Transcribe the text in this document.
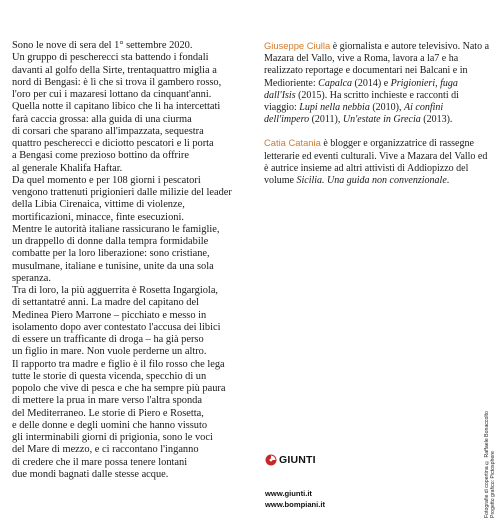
Sono le nove di sera del 1° settembre 2020.
Un gruppo di pescherecci sta battendo i fondali
davanti al golfo della Sirte, trentaquattro miglia a
nord di Bengasi: è lì che si trova il gambero rosso,
l'oro per cui i mazaresi lottano da cinquant'anni.
Quella notte il capitano libico che li ha intercettati
farà caccia grossa: alla guida di una ciurma
di corsari che sparano all'impazzata, sequestra
quattro pescherecci e diciotto pescatori e li porta
a Bengasi come prezioso bottino da offrire
al generale Khalifa Haftar.
Da quel momento e per 108 giorni i pescatori
vengono trattenuti prigionieri dalle milizie del leader
della Libia Cirenaica, vittime di violenze,
mortificazioni, minacce, finte esecuzioni.
Mentre le autorità italiane rassicurano le famiglie,
un drappello di donne dalla tempra formidabile
combatte per la loro liberazione: sono cristiane,
musulmane, italiane e tunisine, unite da una sola
speranza.
Tra di loro, la più agguerrita è Rosetta Ingargiola,
di settantatré anni. La madre del capitano del
Medinea Piero Marrone – picchiato e messo in
isolamento dopo aver contestato l'accusa dei libici
di essere un trafficante di droga – ha già perso
un figlio in mare. Non vuole perderne un altro.
Il rapporto tra madre e figlio è il filo rosso che lega
tutte le storie di questa vicenda, specchio di un
popolo che vive di pesca e che ha sempre più paura
di mettere la prua in mare verso l'altra sponda
del Mediterraneo. Le storie di Piero e Rosetta,
e delle donne e degli uomini che hanno vissuto
gli interminabili giorni di prigionia, sono le voci
del Mare di mezzo, e ci raccontano l'inganno
di credere che il mare possa tenere lontani
due mondi bagnati dalle stesse acque.

Giuseppe Ciulla è giornalista e autore televisivo. Nato a Mazara del Vallo, vive a Roma, lavora a la7 e ha realizzato reportage e documentari nei Balcani e in Medioriente: Capalca (2014) e Prigionieri, fuga dall'Isis (2015). Ha scritto inchieste e racconti di viaggio: Lupi nella nebbia (2010), Ai confini dell'impero (2011), Un'estate in Grecia (2013).

Catia Catania è blogger e organizzatrice di rassegne letterarie ed eventi culturali. Vive a Mazara del Vallo ed è autrice insieme ad altri attivisti di Addiopizzo del volume Sicilia. Una guida non convenzionale.

GIUNTI
www.giunti.it
www.bompiani.it	Fotografie di copertina © Raffaele Bonaccolto Progetto grafico: Pictosphere
